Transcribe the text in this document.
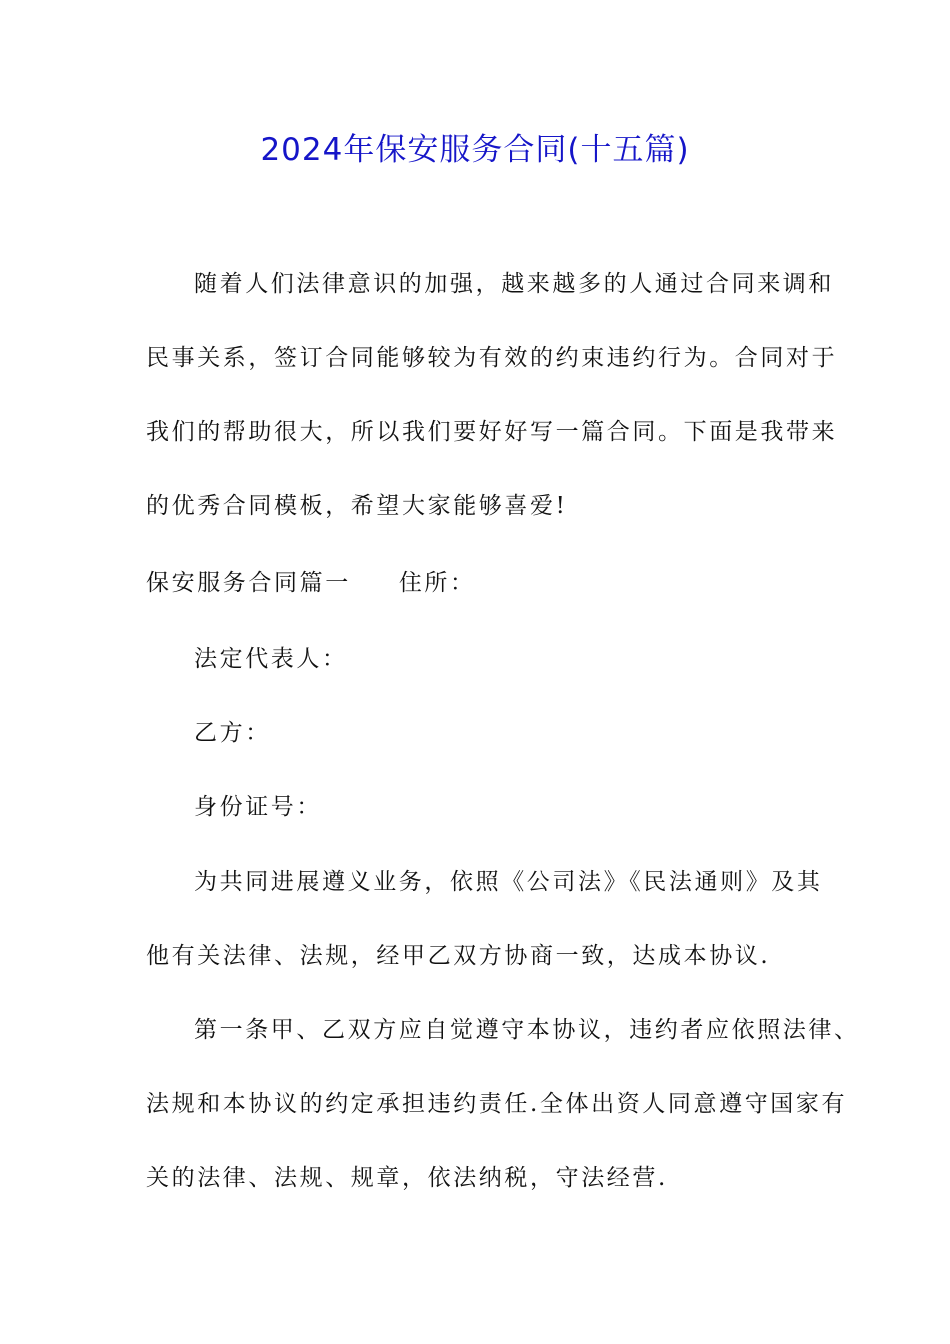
2024年保安服务合同(十五篇)
随着人们法律意识的加强，越来越多的人通过合同来调和
民事关系，签订合同能够较为有效的约束违约行为。合同对于
我们的帮助很大，所以我们要好好写一篇合同。下面是我带来
的优秀合同模板，希望大家能够喜爱!
保安服务合同篇一 住所：
法定代表人：
乙方：
身份证号：
为共同进展遵义业务，依照《公司法》《民法通则》及其
他有关法律、法规，经甲乙双方协商一致，达成本协议.
第一条甲、乙双方应自觉遵守本协议，违约者应依照法律、
法规和本协议的约定承担违约责任.全体出资人同意遵守国家有
关的法律、法规、规章，依法纳税，守法经营.
